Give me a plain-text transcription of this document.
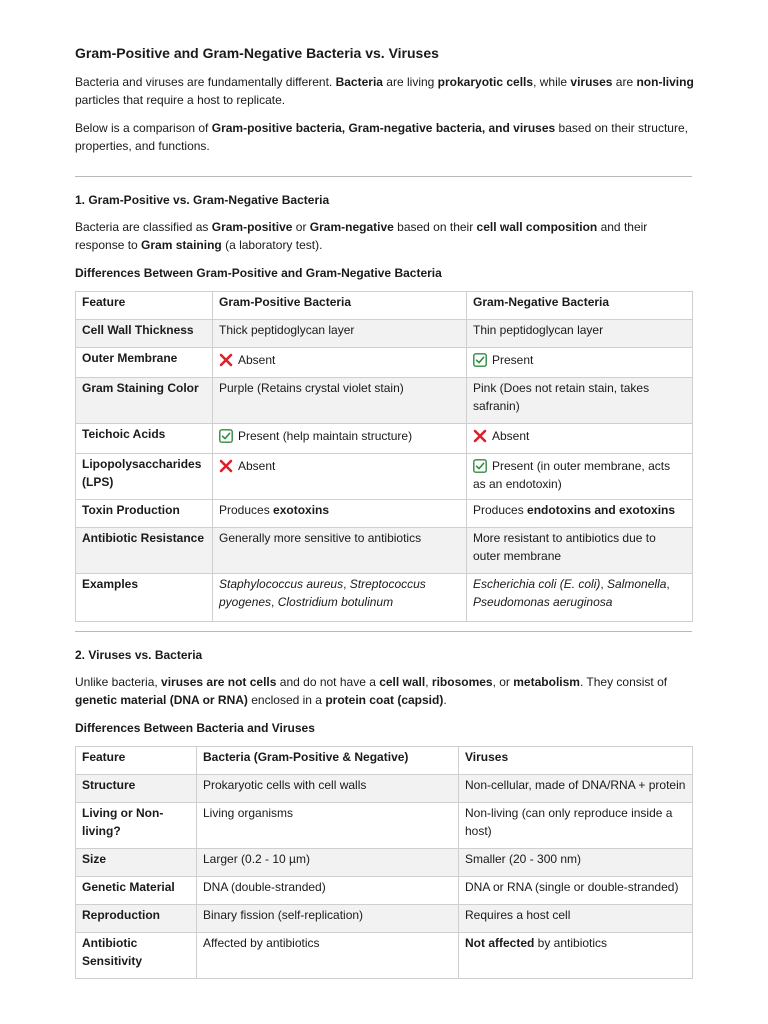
Gram-Positive and Gram-Negative Bacteria vs. Viruses

Bacteria and viruses are fundamentally different. Bacteria are living prokaryotic cells, while viruses are non-living particles that require a host to replicate.

Below is a comparison of Gram-positive bacteria, Gram-negative bacteria, and viruses based on their structure, properties, and functions.

1. Gram-Positive vs. Gram-Negative Bacteria

Bacteria are classified as Gram-positive or Gram-negative based on their cell wall composition and their response to Gram staining (a laboratory test).

Differences Between Gram-Positive and Gram-Negative Bacteria
Feature	Gram-Positive Bacteria	Gram-Negative Bacteria
Cell Wall Thickness	Thick peptidoglycan layer	Thin peptidoglycan layer
Outer Membrane	Absent	Present
Gram Staining Color	Purple (Retains crystal violet stain)	Pink (Does not retain stain, takes safranin)
Teichoic Acids	Present (help maintain structure)	Absent
Lipopolysaccharides (LPS)	Absent	Present (in outer membrane, acts as an endotoxin)
Toxin Production	Produces exotoxins	Produces endotoxins and exotoxins
Antibiotic Resistance	Generally more sensitive to antibiotics	More resistant to antibiotics due to outer membrane
Examples	Staphylococcus aureus, Streptococcus pyogenes, Clostridium botulinum	Escherichia coli (E. coli), Salmonella, Pseudomonas aeruginosa
2. Viruses vs. Bacteria

Unlike bacteria, viruses are not cells and do not have a cell wall, ribosomes, or metabolism. They consist of genetic material (DNA or RNA) enclosed in a protein coat (capsid).

Differences Between Bacteria and Viruses
Feature	Bacteria (Gram-Positive & Negative)	Viruses
Structure	Prokaryotic cells with cell walls	Non-cellular, made of DNA/RNA + protein
Living or Non-living?	Living organisms	Non-living (can only reproduce inside a host)
Size	Larger (0.2 - 10 µm)	Smaller (20 - 300 nm)
Genetic Material	DNA (double-stranded)	DNA or RNA (single or double-stranded)
Reproduction	Binary fission (self-replication)	Requires a host cell
Antibiotic Sensitivity	Affected by antibiotics	Not affected by antibiotics
